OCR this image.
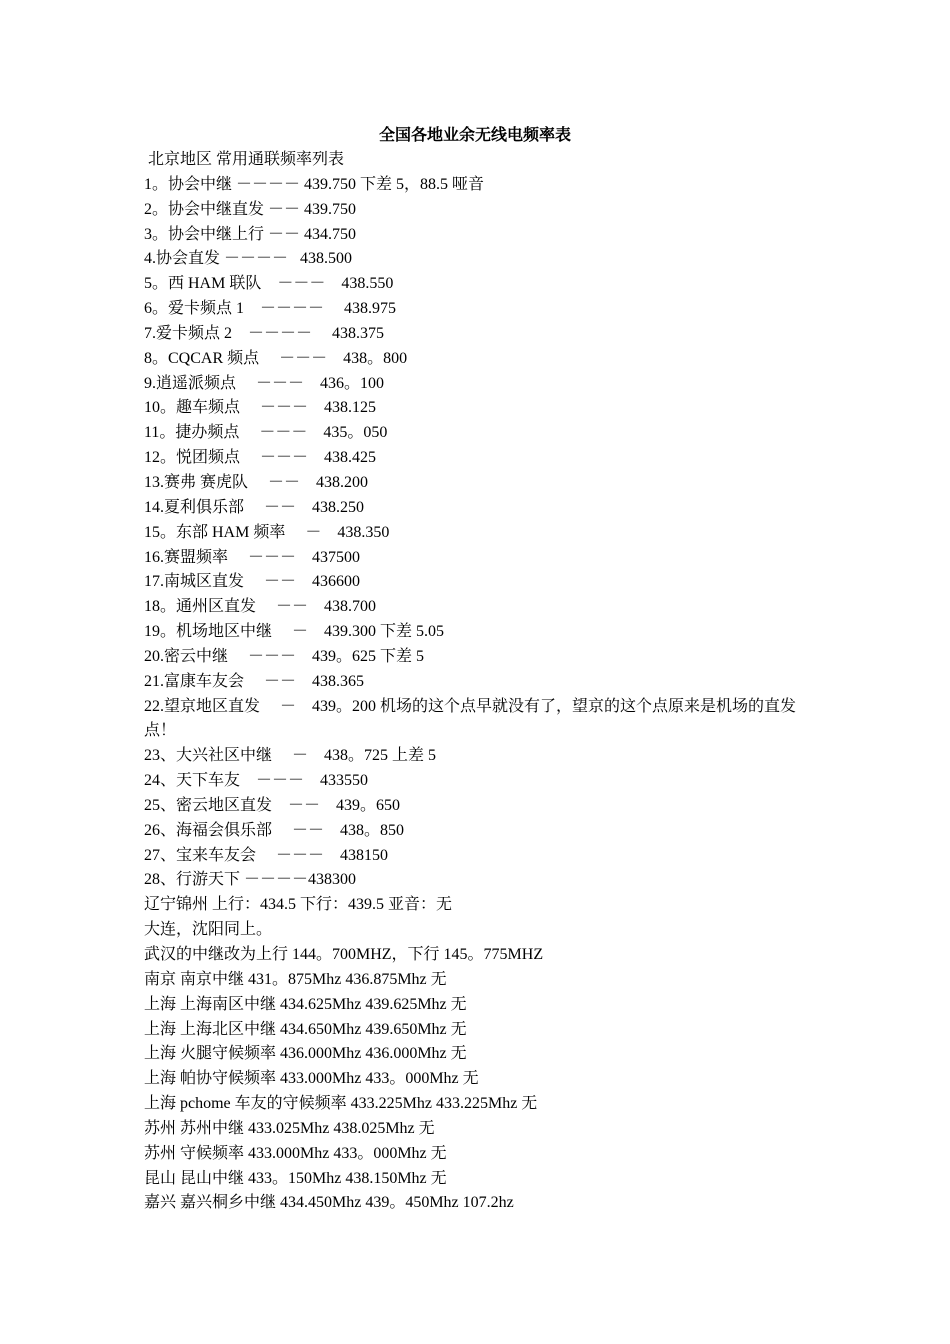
全国各地业余无线电频率表
北京地区 常用通联频率列表
1。协会中继 －－－－ 439.750 下差 5，88.5 哑音
2。协会中继直发 －－ 439.750
3。协会中继上行 －－ 434.750
4.协会直发 －－－－   438.500
5。西 HAM 联队    －－－    438.550
6。爱卡频点 1    －－－－     438.975
7.爱卡频点 2    －－－－     438.375
8。CQCAR 频点     －－－    438。800
9.逍遥派频点     －－－    436。100
10。趣车频点     －－－    438.125
11。捷办频点     －－－    435。050
12。悦团频点     －－－    438.425
13.赛弗 赛虎队     －－    438.200
14.夏利俱乐部     －－    438.250
15。东部 HAM 频率     －    438.350
16.赛盟频率     －－－    437500
17.南城区直发     －－    436600
18。通州区直发     －－    438.700
19。机场地区中继     －    439.300 下差 5.05
20.密云中继     －－－    439。625 下差 5
21.富康车友会     －－    438.365
22.望京地区直发     －    439。200 机场的这个点早就没有了，望京的这个点原来是机场的直发点！
23、大兴社区中继     －    438。725 上差 5
24、天下车友    －－－    433550
25、密云地区直发    －－    439。650
26、海福会俱乐部     －－    438。850
27、宝来车友会     －－－    438150
28、行游天下 －－－－438300
辽宁锦州 上行：434.5 下行：439.5 亚音：无
大连，沈阳同上。
武汉的中继改为上行 144。700MHZ，下行 145。775MHZ
南京 南京中继 431。875Mhz 436.875Mhz 无
上海 上海南区中继 434.625Mhz 439.625Mhz 无
上海 上海北区中继 434.650Mhz 439.650Mhz 无
上海 火腿守候频率 436.000Mhz 436.000Mhz 无
上海 帕协守候频率 433.000Mhz 433。000Mhz 无
上海 pchome 车友的守候频率 433.225Mhz 433.225Mhz 无
苏州 苏州中继 433.025Mhz 438.025Mhz 无
苏州 守候频率 433.000Mhz 433。000Mhz 无
昆山 昆山中继 433。150Mhz 438.150Mhz 无
嘉兴 嘉兴桐乡中继 434.450Mhz 439。450Mhz 107.2hz
